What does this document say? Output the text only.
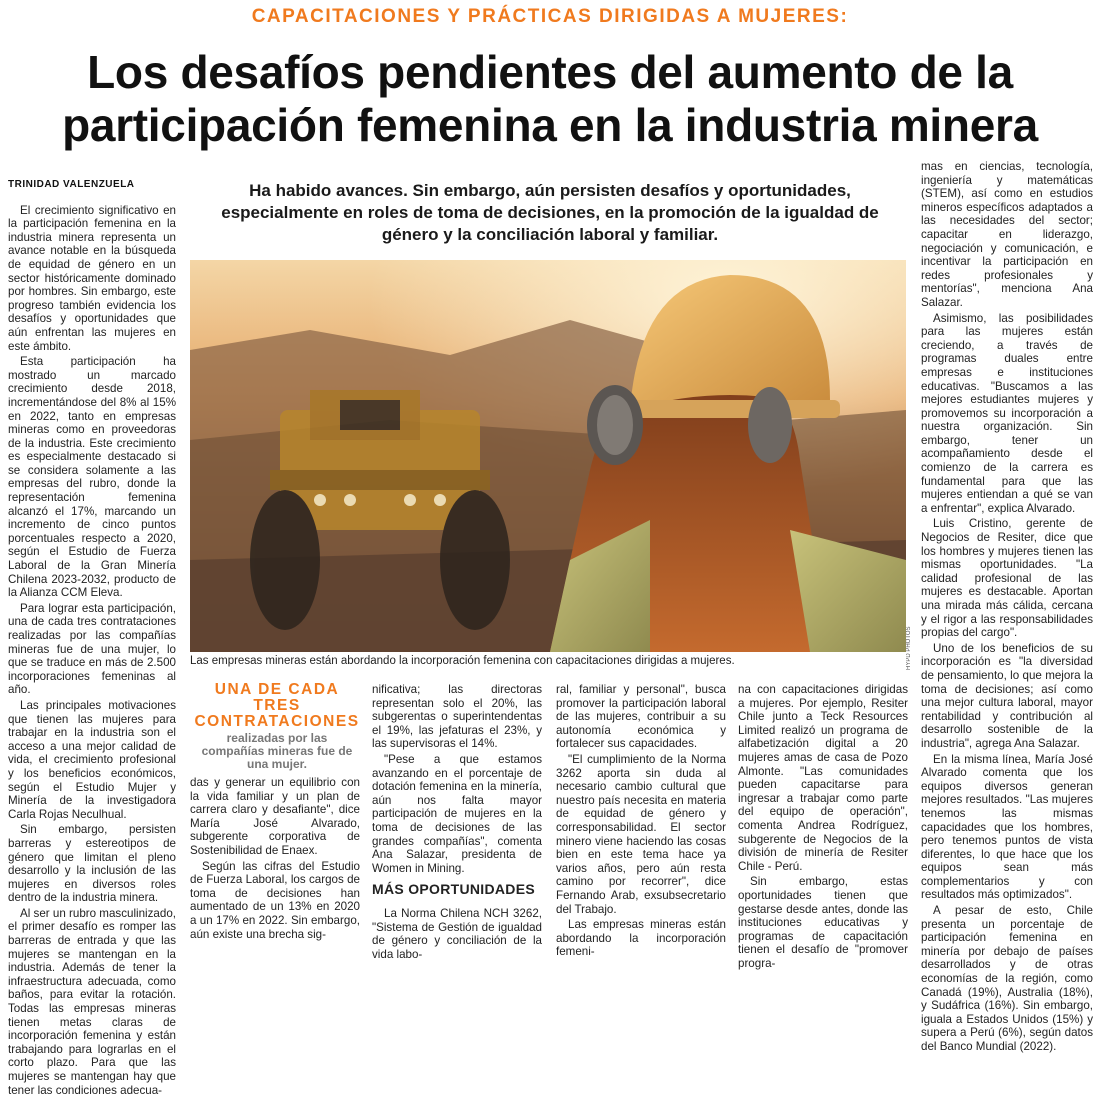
CAPACITACIONES Y PRÁCTICAS DIRIGIDAS A MUJERES:
Los desafíos pendientes del aumento de la
participación femenina en la industria minera
TRINIDAD VALENZUELA

El crecimiento significativo en la participación femenina en la industria minera representa un avance notable en la búsqueda de equidad de género en un sector históricamente dominado por hombres. Sin embargo, este progreso también evidencia los desafíos y oportunidades que aún enfrentan las mujeres en este ámbito.

Esta participación ha mostrado un marcado crecimiento desde 2018, incrementándose del 8% al 15% en 2022, tanto en empresas mineras como en proveedoras de la industria. Este crecimiento es especialmente destacado si se considera solamente a las empresas del rubro, donde la representación femenina alcanzó el 17%, marcando un incremento de cinco puntos porcentuales respecto a 2020, según el Estudio de Fuerza Laboral de la Gran Minería Chilena 2023-2032, producto de la Alianza CCM Eleva.

Para lograr esta participación, una de cada tres contrataciones realizadas por las compañías mineras fue de una mujer, lo que se traduce en más de 2.500 incorporaciones femeninas al año.

Las principales motivaciones que tienen las mujeres para trabajar en la industria son el acceso a una mejor calidad de vida, el crecimiento profesional y los beneficios económicos, según el Estudio Mujer y Minería de la investigadora Carla Rojas Neculhual.

Sin embargo, persisten barreras y estereotipos de género que limitan el pleno desarrollo y la inclusión de las mujeres en diversos roles dentro de la industria minera.

Al ser un rubro masculinizado, el primer desafío es romper las barreras de entrada y que las mujeres se mantengan en la industria. Además de tener la infraestructura adecuada, como baños, para evitar la rotación. Todas las empresas mineras tienen metas claras de incorporación femenina y están trabajando para lograrlas en el corto plazo. Para que las mujeres se mantengan hay que tener las condiciones adecua-

Ha habido avances. Sin embargo, aún persisten desafíos y oportunidades, especialmente en roles de toma de decisiones, en la promoción de la igualdad de género y la conciliación laboral y familiar.
HYPD PHOTOS
Las empresas mineras están abordando la incorporación femenina con capacitaciones dirigidas a mujeres.
UNA DE CADA TRES
CONTRATACIONES
realizadas por las compañías mineras fue de una mujer.

das y generar un equilibrio con la vida familiar y un plan de carrera claro y desafiante", dice María José Alvarado, subgerente corporativa de Sostenibilidad de Enaex.

Según las cifras del Estudio de Fuerza Laboral, los cargos de toma de decisiones han aumentado de un 13% en 2020 a un 17% en 2022. Sin embargo, aún existe una brecha sig-

nificativa; las directoras representan solo el 20%, las subgerentas o superintendentas el 19%, las jefaturas el 23%, y las supervisoras el 14%.

"Pese a que estamos avanzando en el porcentaje de dotación femenina en la minería, aún nos falta mayor participación de mujeres en la toma de decisiones de las grandes compañías", comenta Ana Salazar, presidenta de Women in Mining.

MÁS OPORTUNIDADES

La Norma Chilena NCH 3262, "Sistema de Gestión de igualdad de género y conciliación de la vida labo-

ral, familiar y personal", busca promover la participación laboral de las mujeres, contribuir a su autonomía económica y fortalecer sus capacidades.

"El cumplimiento de la Norma 3262 aporta sin duda al necesario cambio cultural que nuestro país necesita en materia de equidad de género y corresponsabilidad. El sector minero viene haciendo las cosas bien en este tema hace ya varios años, pero aún resta camino por recorrer", dice Fernando Arab, exsubsecretario del Trabajo.

Las empresas mineras están abordando la incorporación femeni-

na con capacitaciones dirigidas a mujeres. Por ejemplo, Resiter Chile junto a Teck Resources Limited realizó un programa de alfabetización digital a 20 mujeres amas de casa de Pozo Almonte. "Las comunidades pueden capacitarse para ingresar a trabajar como parte del equipo de operación", comenta Andrea Rodríguez, subgerente de Negocios de la división de minería de Resiter Chile - Perú.

Sin embargo, estas oportunidades tienen que gestarse desde antes, donde las instituciones educativas y programas de capacitación tienen el desafío de "promover progra-

mas en ciencias, tecnología, ingeniería y matemáticas (STEM), así como en estudios mineros específicos adaptados a las necesidades del sector; capacitar en liderazgo, negociación y comunicación, e incentivar la participación en redes profesionales y mentorías", menciona Ana Salazar.

Asimismo, las posibilidades para las mujeres están creciendo, a través de programas duales entre empresas e instituciones educativas. "Buscamos a las mejores estudiantes mujeres y promovemos su incorporación a nuestra organización. Sin embargo, tener un acompañamiento desde el comienzo de la carrera es fundamental para que las mujeres entiendan a qué se van a enfrentar", explica Alvarado.

Luis Cristino, gerente de Negocios de Resiter, dice que los hombres y mujeres tienen las mismas oportunidades. "La calidad profesional de las mujeres es destacable. Aportan una mirada más cálida, cercana y el rigor a las responsabilidades propias del cargo".

Uno de los beneficios de su incorporación es "la diversidad de pensamiento, lo que mejora la toma de decisiones; así como una mejor cultura laboral, mayor rentabilidad y contribución al desarrollo sostenible de la industria", agrega Ana Salazar.

En la misma línea, María José Alvarado comenta que los equipos diversos generan mejores resultados. "Las mujeres tenemos las mismas capacidades que los hombres, pero tenemos puntos de vista diferentes, lo que hace que los equipos sean más complementarios y con resultados más optimizados".

A pesar de esto, Chile presenta un porcentaje de participación femenina en minería por debajo de países desarrollados y de otras economías de la región, como Canadá (19%), Australia (18%), y Sudáfrica (16%). Sin embargo, iguala a Estados Unidos (15%) y supera a Perú (6%), según datos del Banco Mundial (2022).
